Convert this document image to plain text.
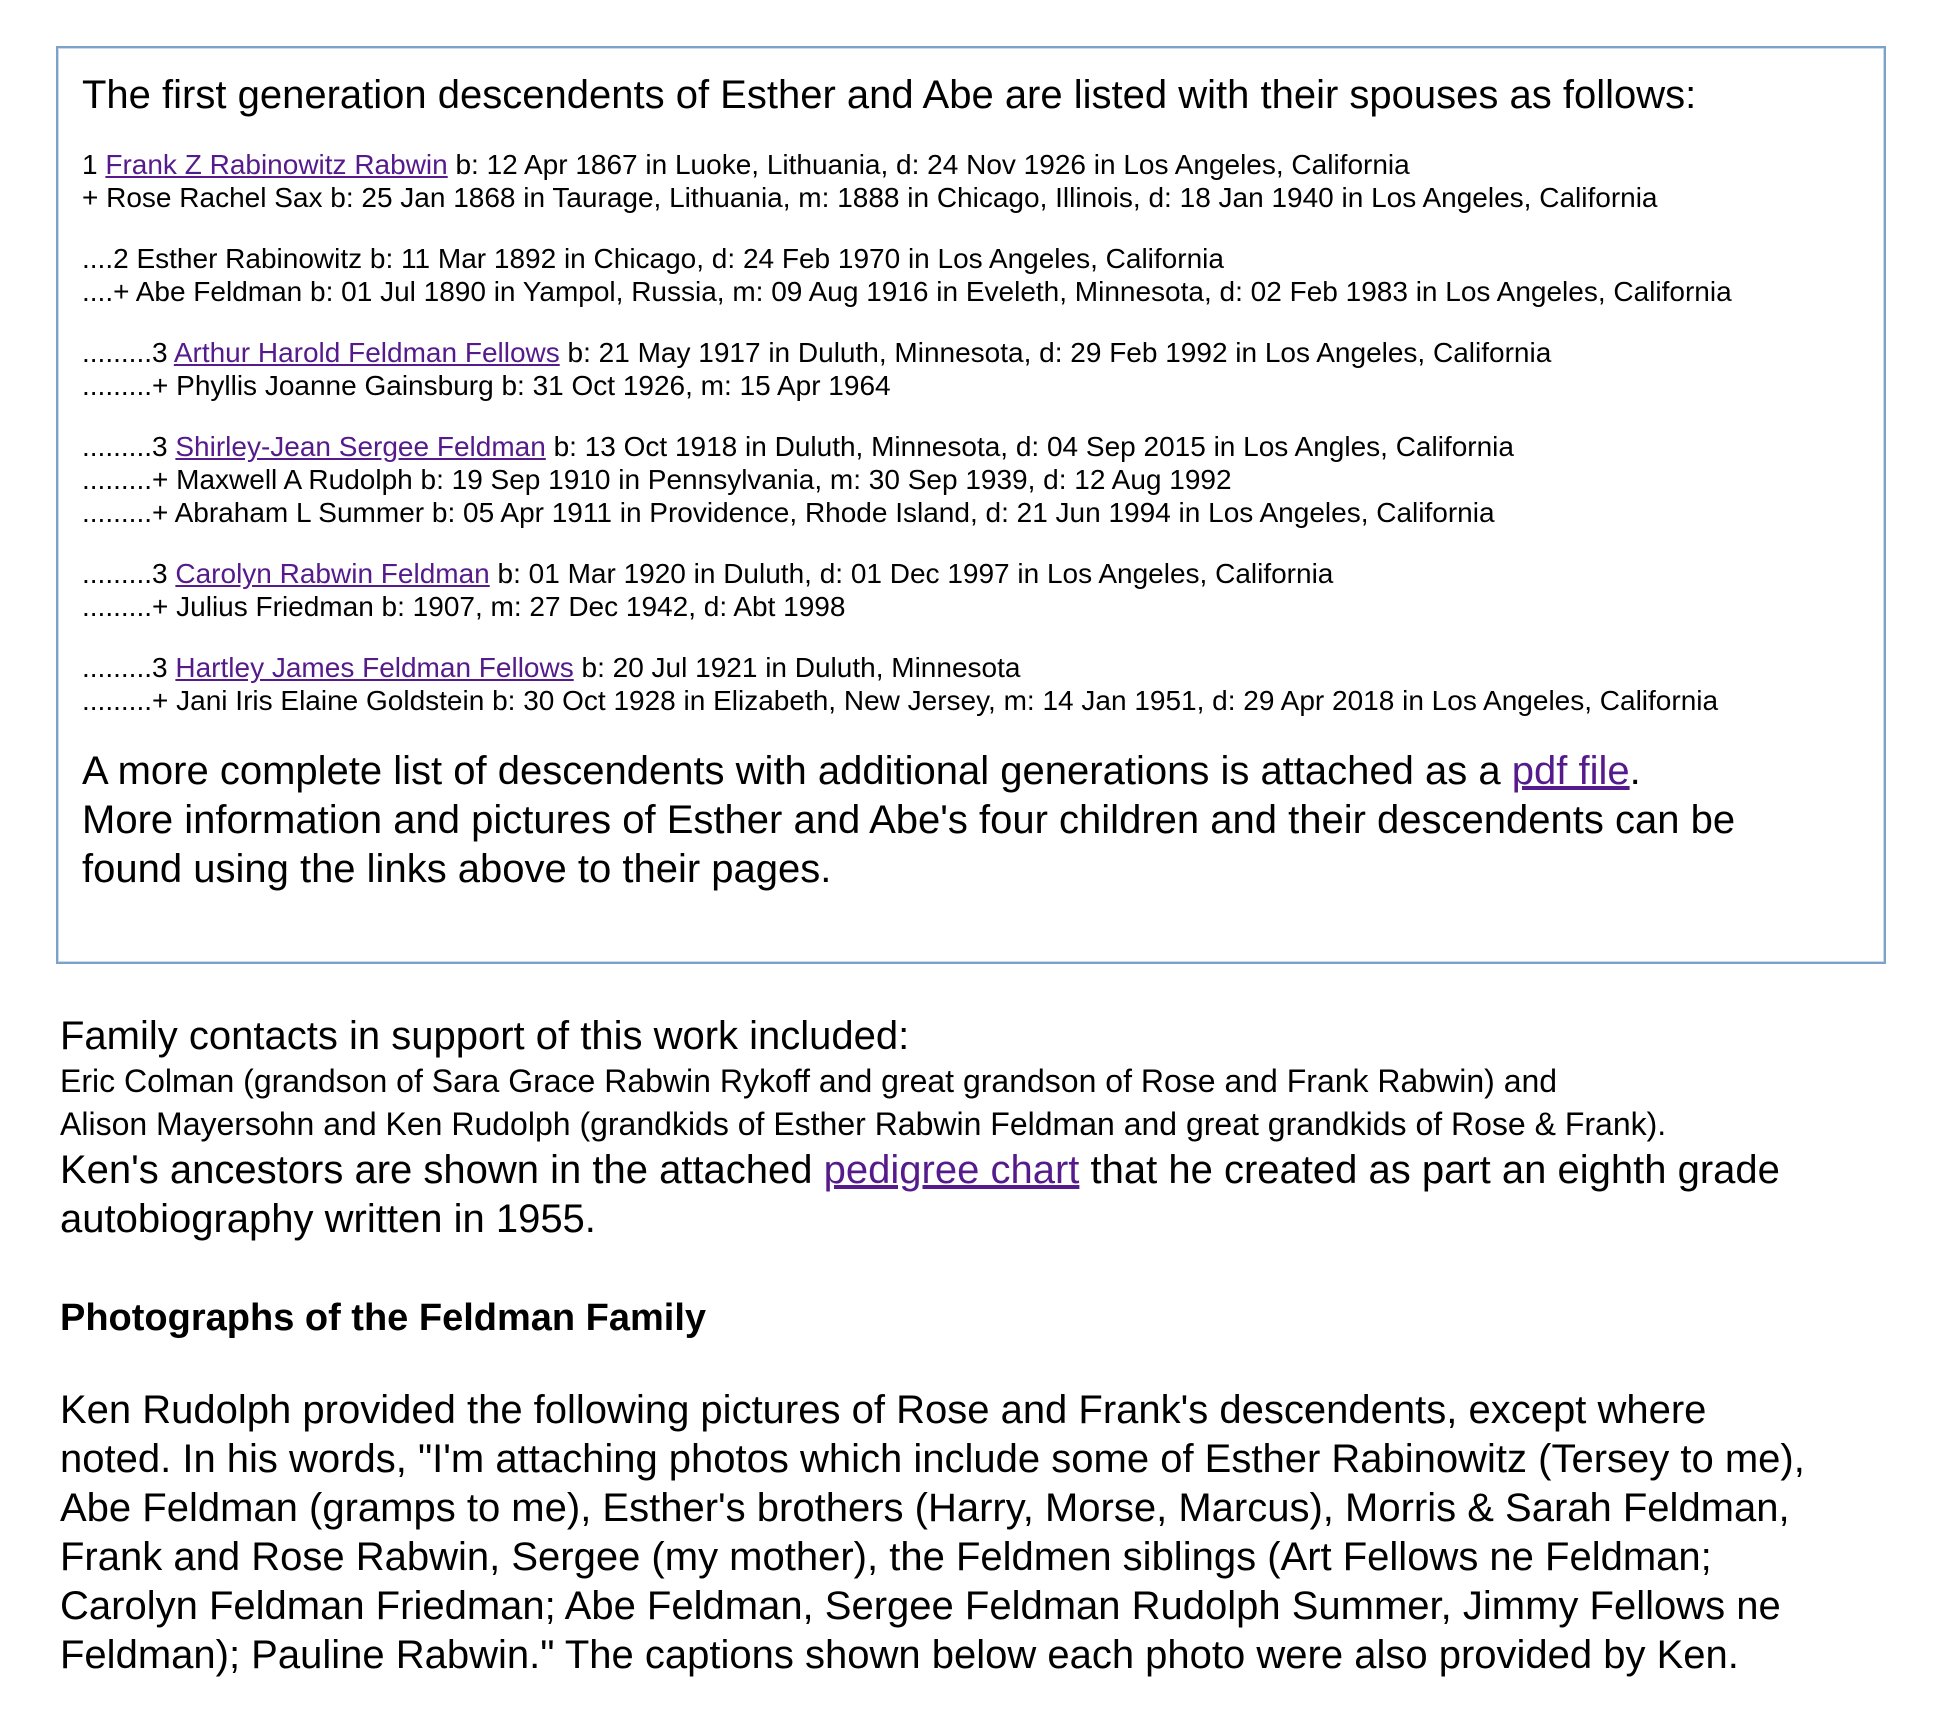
The first generation descendents of Esther and Abe are listed with their spouses as follows:

1 Frank Z Rabinowitz Rabwin b: 12 Apr 1867 in Luoke, Lithuania, d: 24 Nov 1926 in Los Angeles, California
+ Rose Rachel Sax b: 25 Jan 1868 in Taurage, Lithuania, m: 1888 in Chicago, Illinois, d: 18 Jan 1940 in Los Angeles, California
....2 Esther Rabinowitz b: 11 Mar 1892 in Chicago, d: 24 Feb 1970 in Los Angeles, California
....+ Abe Feldman b: 01 Jul 1890 in Yampol, Russia, m: 09 Aug 1916 in Eveleth, Minnesota, d: 02 Feb 1983 in Los Angeles, California
.........3 Arthur Harold Feldman Fellows b: 21 May 1917 in Duluth, Minnesota, d: 29 Feb 1992 in Los Angeles, California
.........+ Phyllis Joanne Gainsburg b: 31 Oct 1926, m: 15 Apr 1964
.........3 Shirley-Jean Sergee Feldman b: 13 Oct 1918 in Duluth, Minnesota, d: 04 Sep 2015 in Los Angles, California
.........+ Maxwell A Rudolph b: 19 Sep 1910 in Pennsylvania, m: 30 Sep 1939, d: 12 Aug 1992
.........+ Abraham L Summer b: 05 Apr 1911 in Providence, Rhode Island, d: 21 Jun 1994 in Los Angeles, California
.........3 Carolyn Rabwin Feldman b: 01 Mar 1920 in Duluth, d: 01 Dec 1997 in Los Angeles, California
.........+ Julius Friedman b: 1907, m: 27 Dec 1942, d: Abt 1998
.........3 Hartley James Feldman Fellows b: 20 Jul 1921 in Duluth, Minnesota
.........+ Jani Iris Elaine Goldstein b: 30 Oct 1928 in Elizabeth, New Jersey, m: 14 Jan 1951, d: 29 Apr 2018 in Los Angeles, California
A more complete list of descendents with additional generations is attached as a pdf file.
More information and pictures of Esther and Abe's four children and their descendents can be
found using the links above to their pages.
Family contacts in support of this work included:
Eric Colman (grandson of Sara Grace Rabwin Rykoff and great grandson of Rose and Frank Rabwin) and
Alison Mayersohn and Ken Rudolph (grandkids of Esther Rabwin Feldman and great grandkids of Rose & Frank).
Ken's ancestors are shown in the attached pedigree chart that he created as part an eighth grade
autobiography written in 1955.
Photographs of the Feldman Family
Ken Rudolph provided the following pictures of Rose and Frank's descendents, except where
noted. In his words, "I'm attaching photos which include some of Esther Rabinowitz (Tersey to me),
Abe Feldman (gramps to me), Esther's brothers (Harry, Morse, Marcus), Morris & Sarah Feldman,
Frank and Rose Rabwin, Sergee (my mother), the Feldmen siblings (Art Fellows ne Feldman;
Carolyn Feldman Friedman; Abe Feldman, Sergee Feldman Rudolph Summer, Jimmy Fellows ne
Feldman); Pauline Rabwin." The captions shown below each photo were also provided by Ken.
